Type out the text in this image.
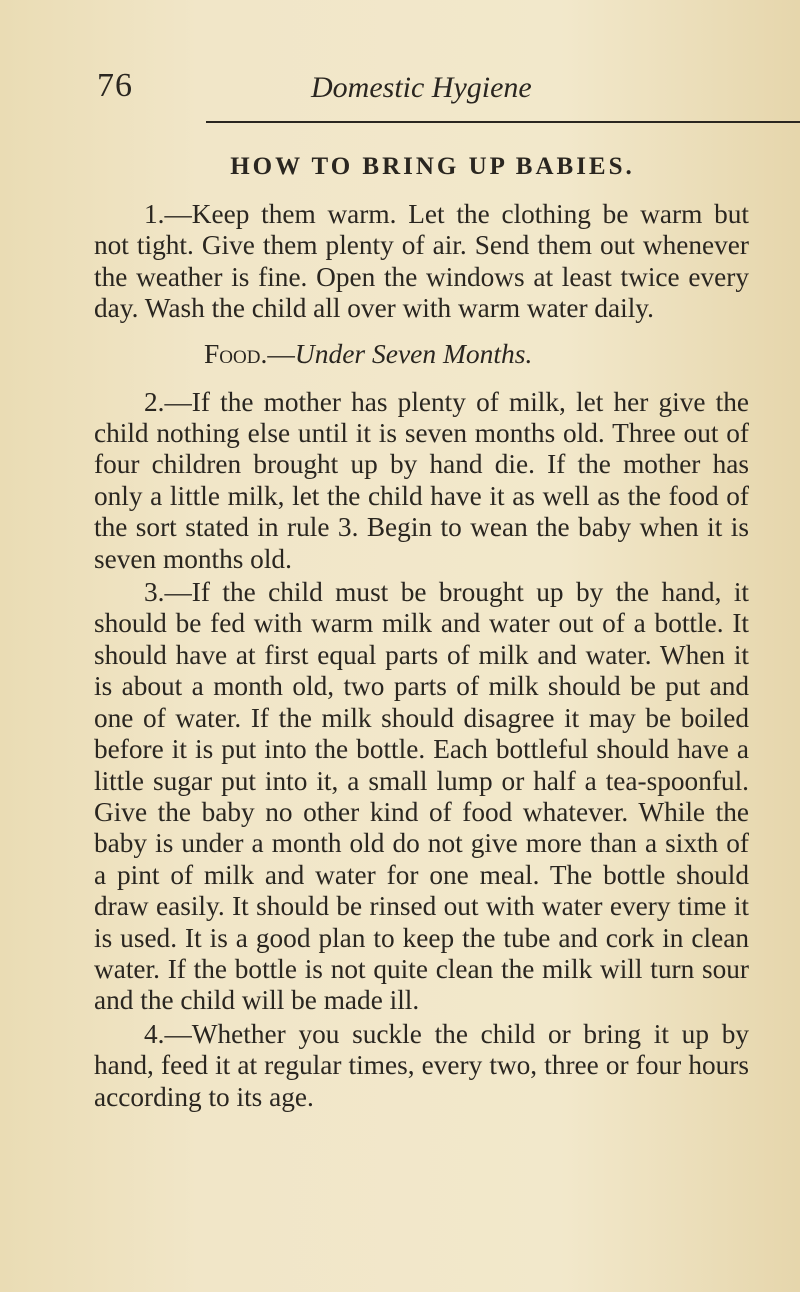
76	Domestic Hygiene
HOW TO BRING UP BABIES.

1.—Keep them warm. Let the clothing be warm but not tight. Give them plenty of air. Send them out whenever the weather is fine. Open the windows at least twice every day. Wash the child all over with warm water daily.

Food.—Under Seven Months.

2.—If the mother has plenty of milk, let her give the child nothing else until it is seven months old. Three out of four children brought up by hand die. If the mother has only a little milk, let the child have it as well as the food of the sort stated in rule 3. Begin to wean the baby when it is seven months old.

3.—If the child must be brought up by the hand, it should be fed with warm milk and water out of a bottle. It should have at first equal parts of milk and water. When it is about a month old, two parts of milk should be put and one of water. If the milk should disagree it may be boiled before it is put into the bottle. Each bottleful should have a little sugar put into it, a small lump or half a tea-spoonful. Give the baby no other kind of food whatever. While the baby is under a month old do not give more than a sixth of a pint of milk and water for one meal. The bottle should draw easily. It should be rinsed out with water every time it is used. It is a good plan to keep the tube and cork in clean water. If the bottle is not quite clean the milk will turn sour and the child will be made ill.

4.—Whether you suckle the child or bring it up by hand, feed it at regular times, every two, three or four hours according to its age.
